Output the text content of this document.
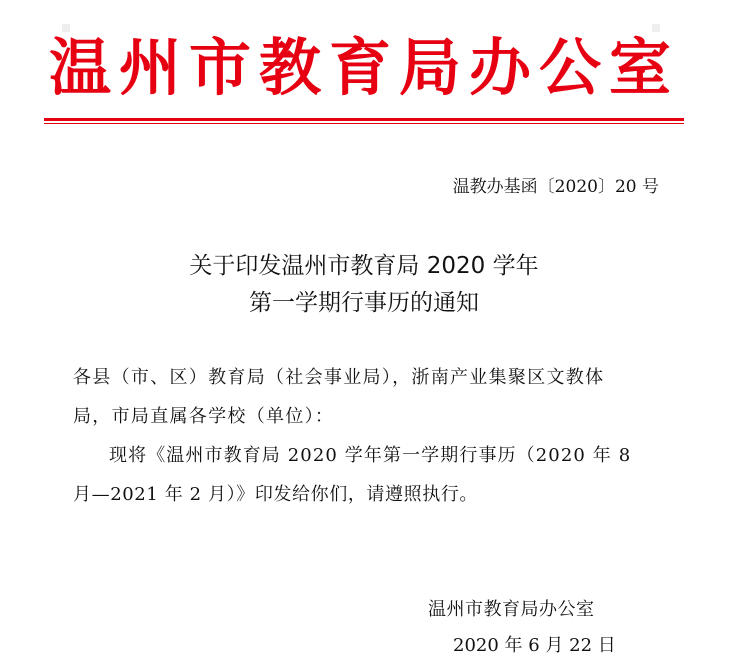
温州市教育局办公室
温教办基函〔2020〕20 号
关于印发温州市教育局 2020 学年
第一学期行事历的通知
各县（市、区）教育局（社会事业局），浙南产业集聚区文教体
局，市局直属各学校（单位）：
现将《温州市教育局 2020 学年第一学期行事历（2020 年 8
月—2021 年 2 月）》印发给你们，请遵照执行。
温州市教育局办公室
2020 年 6 月 22 日
